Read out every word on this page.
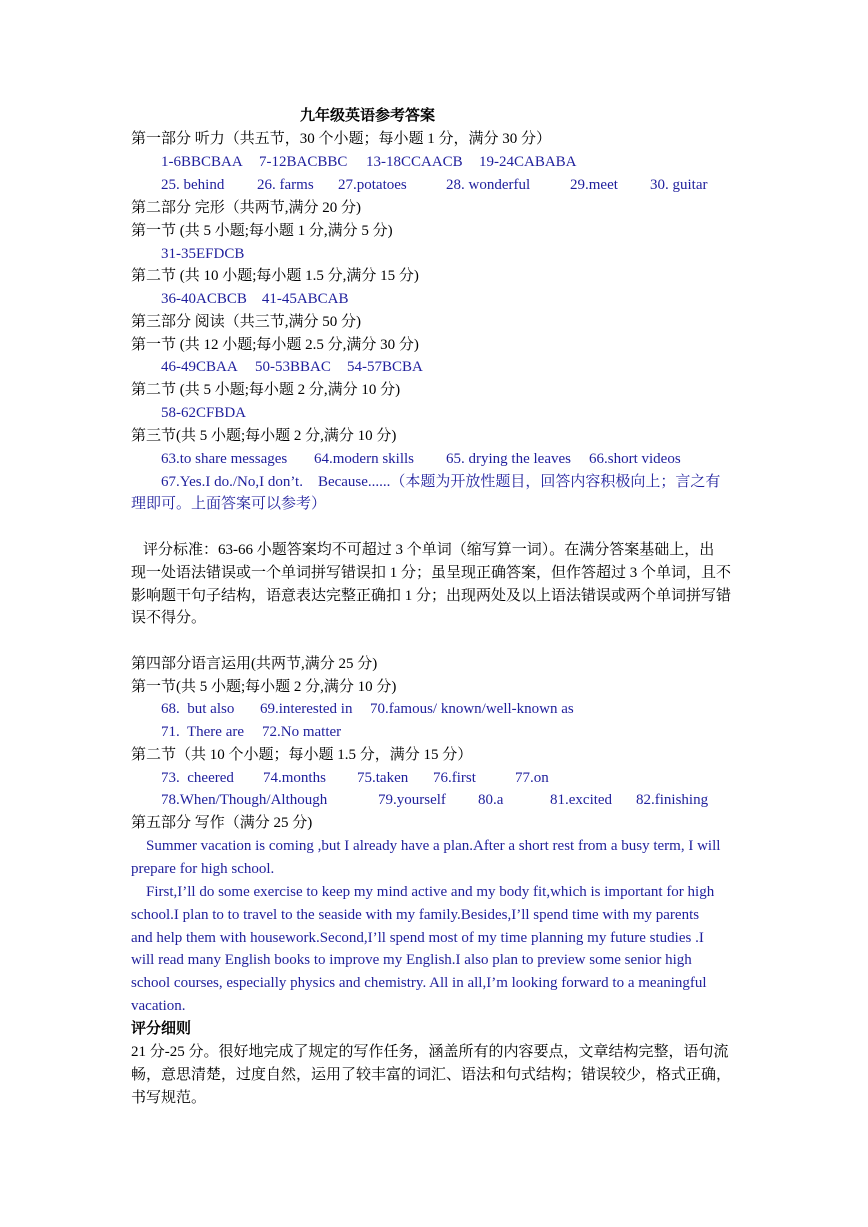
九年级英语参考答案
第一部分 听力（共五节，30 个小题；每小题 1 分，满分 30 分）
1-6BBCBAA 7-12BACBBC 13-18CCAACB 19-24CABABA
25. behind 26. farms 27.potatoes	28. wonderful	29.meet 30. guitar
第二部分 完形（共两节,满分 20 分)
第一节 (共 5 小题;每小题 1 分,满分 5 分)
31-35EFDCB
第二节 (共 10 小题;每小题 1.5 分,满分 15 分)
36-40ACBCB    41-45ABCAB
第三部分 阅读（共三节,满分 50 分)
第一节 (共 12 小题;每小题 2.5 分,满分 30 分)
46-49CBAA 50-53BBAC 54-57BCBA
第二节 (共 5 小题;每小题 2 分,满分 10 分)
58-62CFBDA
第三节(共 5 小题;每小题 2 分,满分 10 分)
63.to share messages 64.modern skills 65. drying the leaves 66.short videos
67.Yes.I do./No,I don’t.    Because......（本题为开放性题目，回答内容积极向上；言之有
理即可。上面答案可以参考）
评分标准：63-66 小题答案均不可超过 3 个单词（缩写算一词）。在满分答案基础上，出
现一处语法错误或一个单词拼写错误扣 1 分；虽呈现正确答案，但作答超过 3 个单词，且不
影响题干句子结构，语意表达完整正确扣 1 分；出现两处及以上语法错误或两个单词拼写错
误不得分。
第四部分语言运用(共两节,满分 25 分)
第一节(共 5 小题;每小题 2 分,满分 10 分)
68.  but also 69.interested in 70.famous/ known/well-known as
71.  There are 72.No matter
第二节（共 10 个小题；每小题 1.5 分，满分 15 分）
73.  cheered 74.months 75.taken 76.first	77.on
78.When/Though/Although	79.yourself 80.a	81.excited 82.finishing
第五部分 写作（满分 25 分)
Summer vacation is coming ,but I already have a plan.After a short rest from a busy term, I will
prepare for high school.
First,I’ll do some exercise to keep my mind active and my body fit,which is important for high
school.I plan to to travel to the seaside with my family.Besides,I’ll spend time with my parents
and help them with housework.Second,I’ll spend most of my time planning my future studies .I
will read many English books to improve my English.I also plan to preview some senior high
school courses, especially physics and chemistry. All in all,I’m looking forward to a meaningful
vacation.
评分细则
21 分-25 分。很好地完成了规定的写作任务，涵盖所有的内容要点，文章结构完整，语句流
畅，意思清楚，过度自然，运用了较丰富的词汇、语法和句式结构；错误较少，格式正确，
书写规范。
